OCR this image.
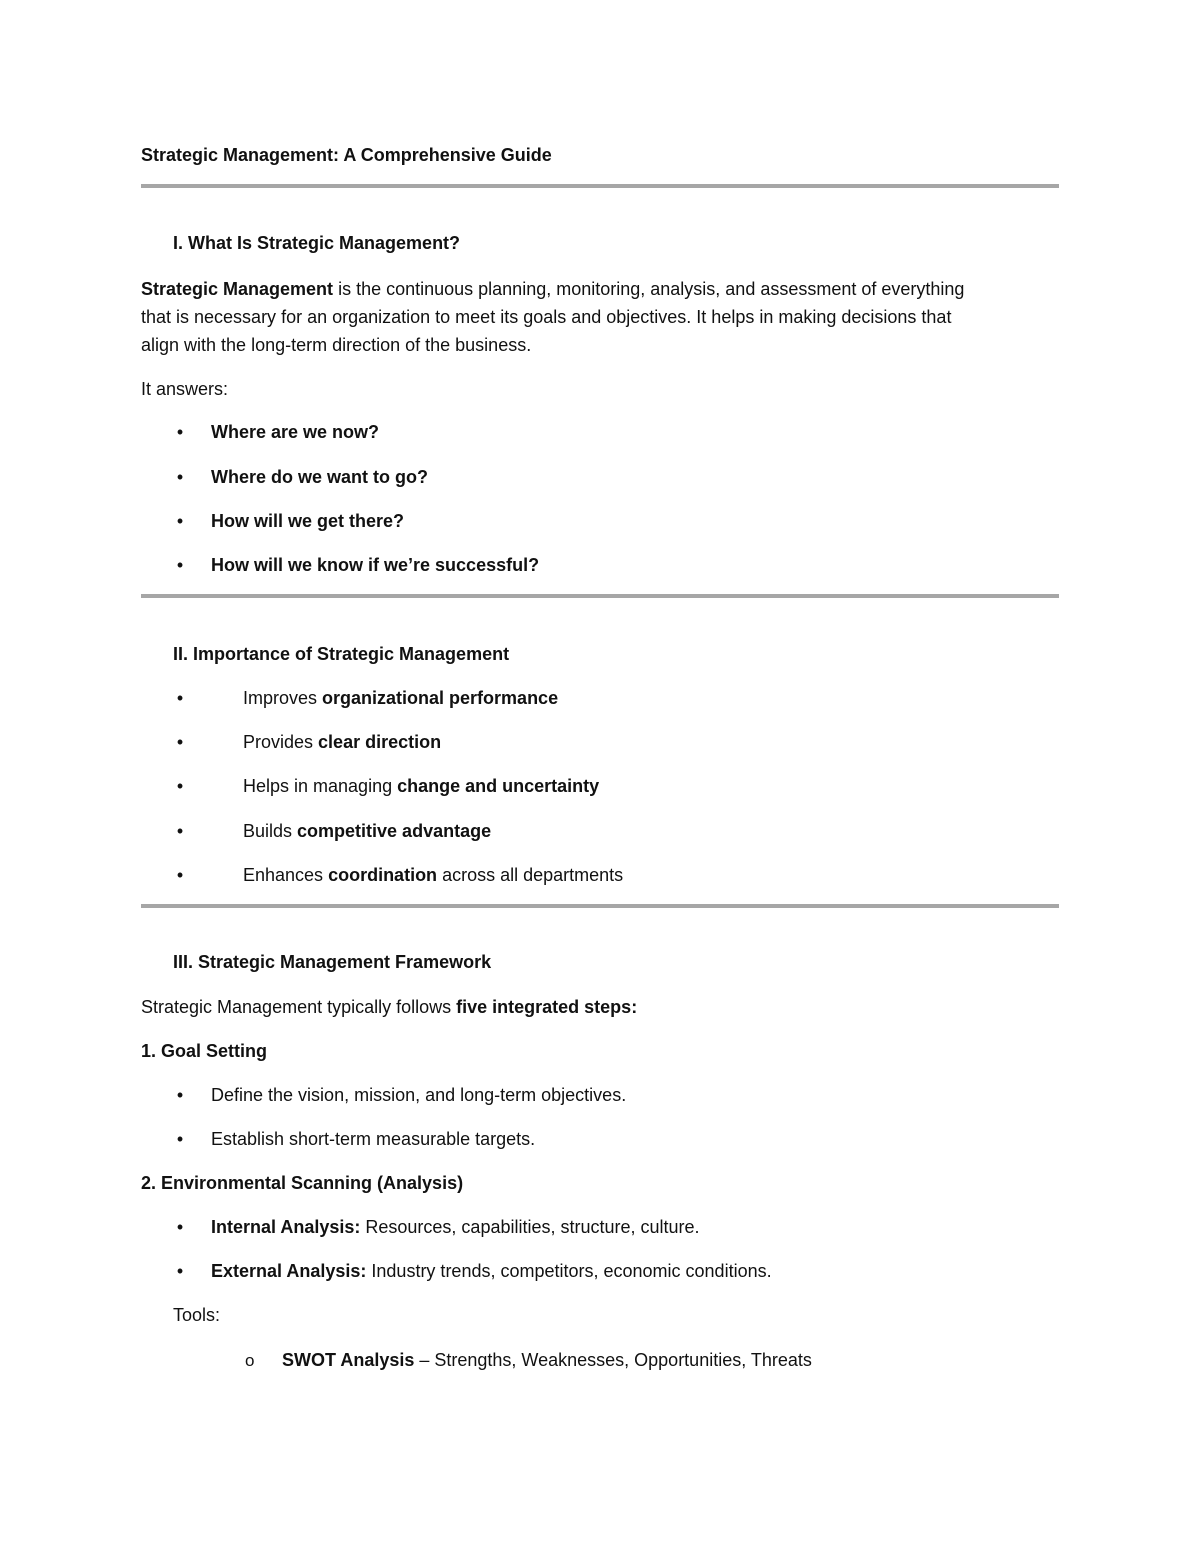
Strategic Management: A Comprehensive Guide
I. What Is Strategic Management?
Strategic Management is the continuous planning, monitoring, analysis, and assessment of everything
that is necessary for an organization to meet its goals and objectives. It helps in making decisions that
align with the long-term direction of the business.
It answers:
•	Where are we now?
•	Where do we want to go?
•	How will we get there?
•	How will we know if we’re successful?
II. Importance of Strategic Management
•	Improves organizational performance
•	Provides clear direction
•	Helps in managing change and uncertainty
•	Builds competitive advantage
•	Enhances coordination across all departments
III. Strategic Management Framework
Strategic Management typically follows five integrated steps:
1. Goal Setting
•	Define the vision, mission, and long-term objectives.
•	Establish short-term measurable targets.
2. Environmental Scanning (Analysis)
•	Internal Analysis: Resources, capabilities, structure, culture.
•	External Analysis: Industry trends, competitors, economic conditions.
Tools:
o SWOT Analysis – Strengths, Weaknesses, Opportunities, Threats
